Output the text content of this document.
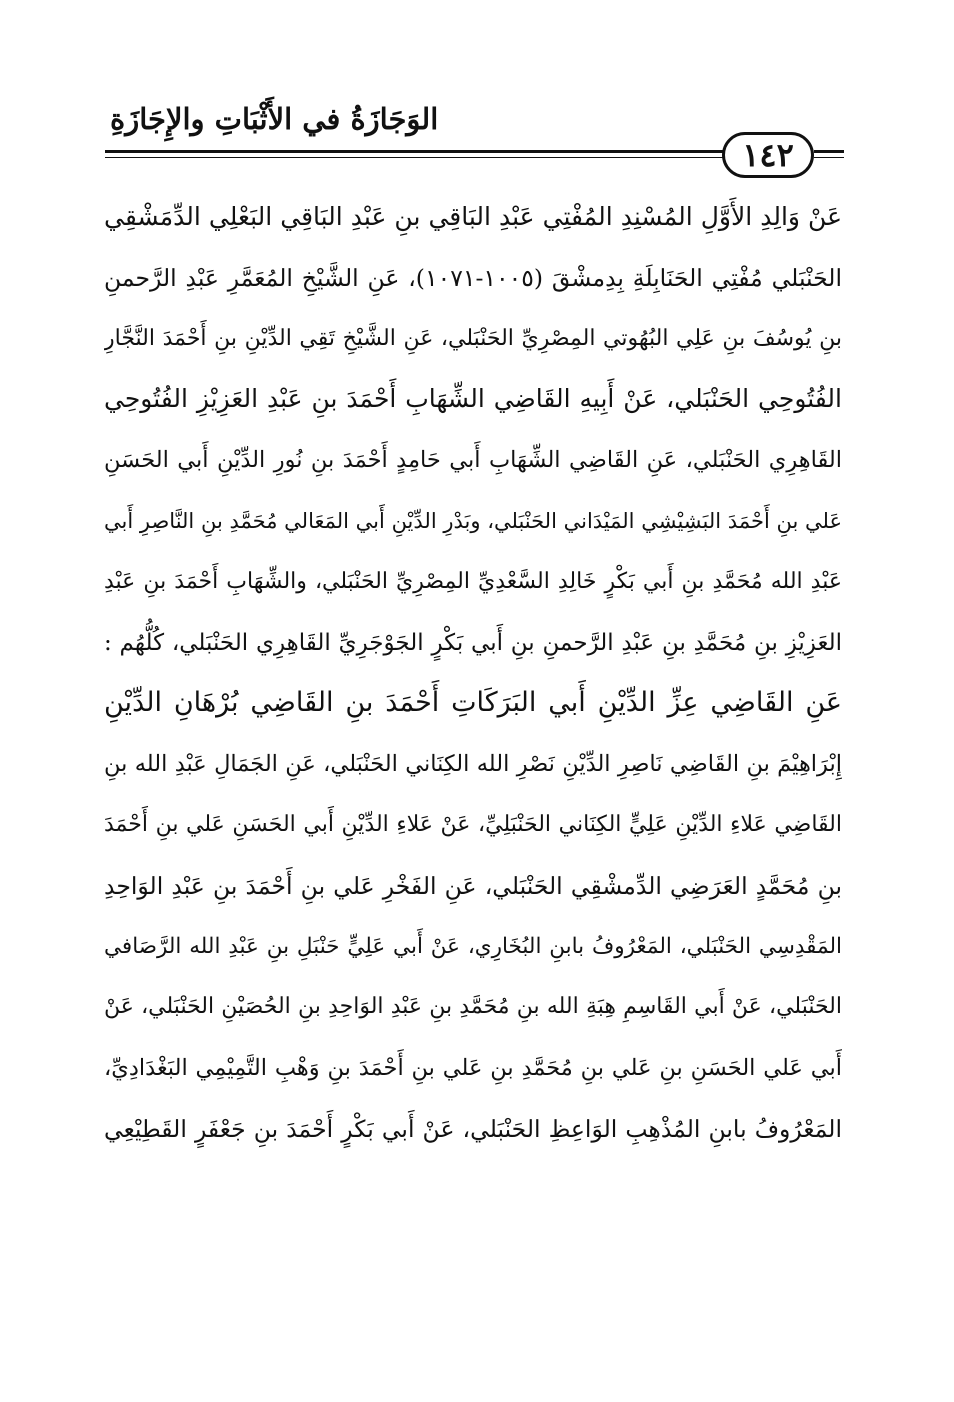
الوَجَازَةُ في الأَثْبَاتِ والإِجَازَةِ
١٤٢
عَنْ وَالِدِ الأَوَّلِ المُسْنِدِ المُفْتِي عَبْدِ البَاقِي بنِ عَبْدِ البَاقِي البَعْلِي الدِّمَشْقِي
الحَنْبَلي مُفْتِي الحَنَابِلَةِ بِدِمشْقَ (١٠٠٥-١٠٧١)، عَنِ الشَّيْخِ المُعَمَّرِ عَبْدِ الرَّحمنِ
بنِ يُوسُفَ بنِ عَلِي البُهُوتي المِصْرِيِّ الحَنْبَلي، عَنِ الشَّيْخِ تَقِي الدِّيْنِ بنِ أَحْمَدَ النَّجَّارِ
الفُتُوحِي الحَنْبَلي، عَنْ أَبِيهِ القَاضِي الشِّهَابِ أَحْمَدَ بنِ عَبْدِ العَزِيْزِ الفُتُوحِي
القَاهِرِي الحَنْبَلي، عَنِ القَاضِي الشِّهَابِ أَبي حَامِدٍ أَحْمَدَ بنِ نُورِ الدِّيْنِ أَبي الحَسَنِ
عَلي بنِ أَحْمَدَ البَشِيْشِي المَيْدَاني الحَنْبَلي، وبَدْرِ الدِّيْنِ أَبي المَعَالي مُحَمَّدِ بنِ النَّاصِرِ أَبي
عَبْدِ الله مُحَمَّدِ بنِ أَبي بَكْرٍ خَالِدِ السَّعْدِيِّ المِصْرِيِّ الحَنْبَلي، والشِّهَابِ أَحْمَدَ بنِ عَبْدِ
العَزِيْزِ بنِ مُحَمَّدِ بنِ عَبْدِ الرَّحمنِ بنِ أَبي بَكْرٍ الجَوْجَرِيِّ القَاهِرِي الحَنْبَلي، كُلُّهُم :
عَنِ القَاضِي عِزِّ الدِّيْنِ أَبي البَرَكَاتِ أَحْمَدَ بنِ القَاضِي بُرْهَانِ الدِّيْنِ
إِبْرَاهِيْمَ بنِ القَاضِي نَاصِرِ الدِّيْنِ نَصْرِ الله الكِنَاني الحَنْبَلي، عَنِ الجَمَالِ عَبْدِ الله بنِ
القَاضِي عَلاءِ الدِّيْنِ عَلِيٍّ الكِنَاني الحَنْبَلِيِّ، عَنْ عَلاءِ الدِّيْنِ أَبي الحَسَنِ عَلي بنِ أَحْمَدَ
بنِ مُحَمَّدٍ العَرَضِي الدِّمشْقِي الحَنْبَلي، عَنِ الفَخْرِ عَلي بنِ أَحْمَدَ بنِ عَبْدِ الوَاحِدِ
المَقْدِسِي الحَنْبَلي، المَعْرُوفُ بابنِ البُخَارِي، عَنْ أَبي عَلِيٍّ حَنْبَلِ بنِ عَبْدِ الله الرَّصَافي
الحَنْبَلي، عَنْ أَبي القَاسِمِ هِبَةِ الله بنِ مُحَمَّدِ بنِ عَبْدِ الوَاحِدِ بنِ الحُصَيْنِ الحَنْبَلي، عَنْ
أَبي عَلي الحَسَنِ بنِ عَلي بنِ مُحَمَّدِ بنِ عَلي بنِ أَحْمَدَ بنِ وَهْبِ التَّمِيْمِي البَغْدَادِيِّ،
المَعْرُوفُ بابنِ المُذْهِبِ الوَاعِظِ الحَنْبَلي، عَنْ أَبي بَكْرٍ أَحْمَدَ بنِ جَعْفَرٍ القَطِيْعِي
